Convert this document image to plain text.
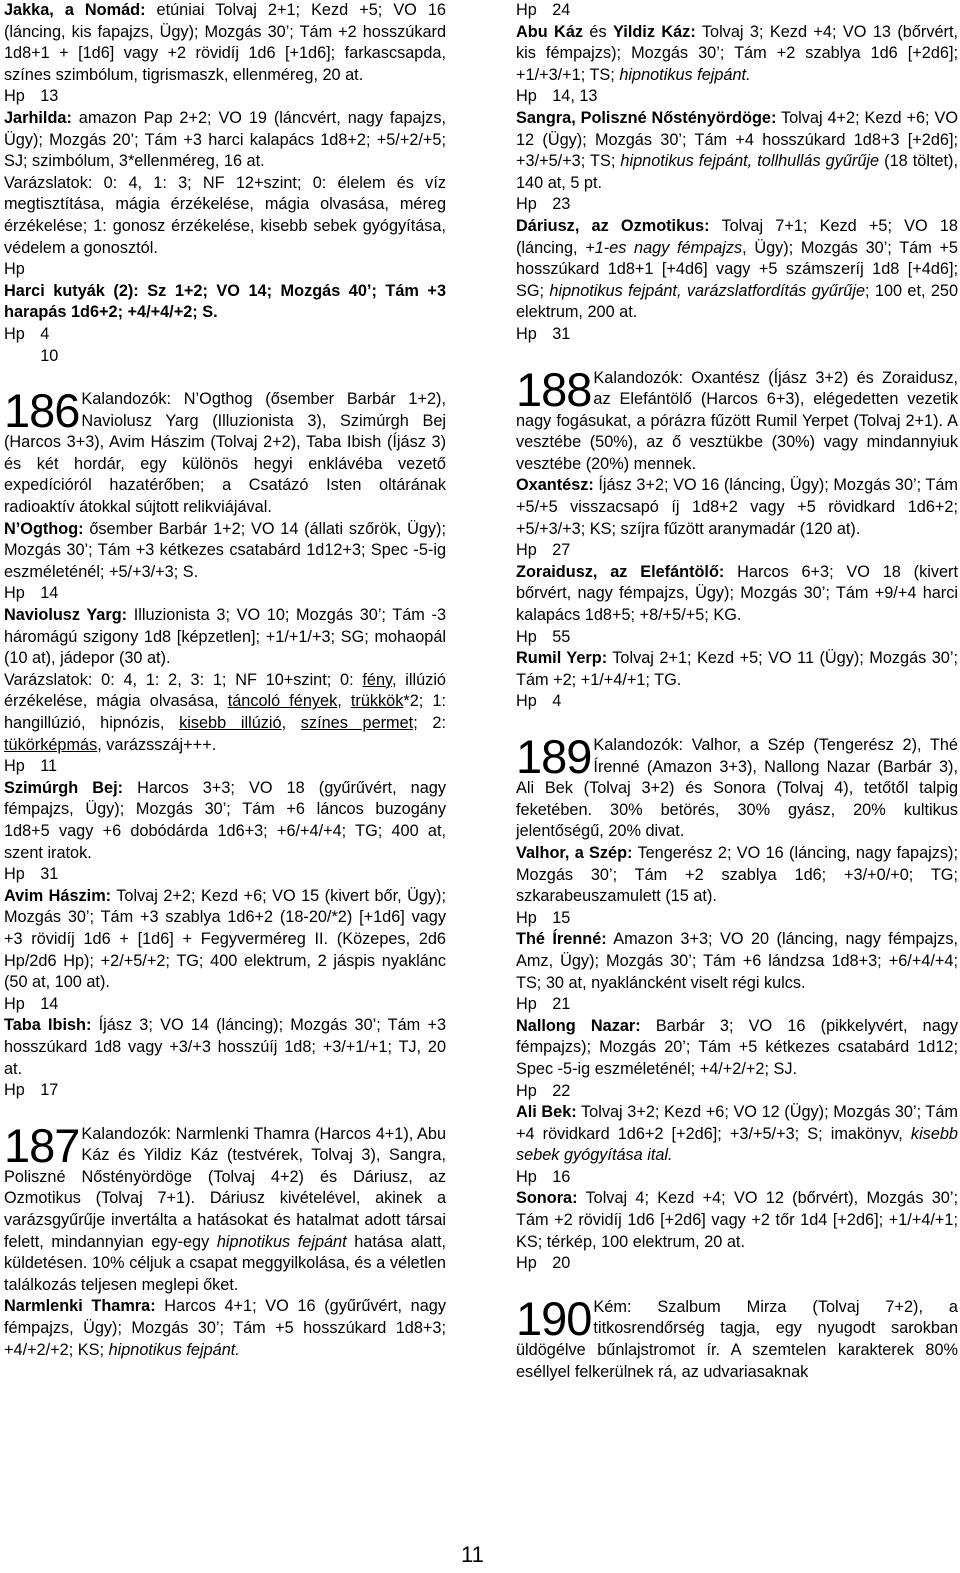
Jakka, a Nomád: etúniai Tolvaj 2+1; Kezd +5; VO 16 (láncing, kis fapajzs, Ügy); Mozgás 30’; Tám +2 hosszúkard 1d8+1 + [1d6] vagy +2 rövidíj 1d6 [+1d6]; farkascsapda, színes szimbólum, tigrismaszk, ellenméreg, 20 at.

Hp	13

Jarhilda: amazon Pap 2+2; VO 19 (láncvért, nagy fapajzs, Ügy); Mozgás 20’; Tám +3 harci kalapács 1d8+2; +5/+2/+5; SJ; szimbólum, 3*ellenméreg, 16 at.

Varázslatok: 0: 4, 1: 3; NF 12+szint; 0: élelem és víz megtisztítása, mágia érzékelése, mágia olvasása, méreg érzékelése; 1: gonosz érzékelése, kisebb sebek gyógyítása, védelem a gonosztól.

Hp

Harci kutyák (2): Sz 1+2; VO 14; Mozgás 40’; Tám +3 harapás 1d6+2; +4/+4/+2; S.

Hp	4

	10

186 Kalandozók: N’Ogthog (ősember Barbár 1+2), Naviolusz Yarg (Illuzionista 3), Szimúrgh Bej (Harcos 3+3), Avim Hászim (Tolvaj 2+2), Taba Ibish (Íjász 3) és két hordár, egy különös hegyi enklávéba vezető expedícióról hazatérőben; a Csatázó Isten oltárának radioaktív átokkal sújtott relikviájával.

N’Ogthog: ősember Barbár 1+2; VO 14 (állati szőrök, Ügy); Mozgás 30’; Tám +3 kétkezes csatabárd 1d12+3; Spec -5-ig eszméleténél; +5/+3/+3; S.

Hp	14

Naviolusz Yarg: Illuzionista 3; VO 10; Mozgás 30’; Tám -3 háromágú szigony 1d8 [képzetlen]; +1/+1/+3; SG; mohaopál (10 at), jádepor (30 at).

Varázslatok: 0: 4, 1: 2, 3: 1; NF 10+szint; 0: fény, illúzió érzékelése, mágia olvasása, táncoló fények, trükkök*2; 1: hangillúzió, hipnózis, kisebb illúzió, színes permet; 2: tükörképmás, varázsszáj+++.

Hp	11

Szimúrgh Bej: Harcos 3+3; VO 18 (gyűrűvért, nagy fémpajzs, Ügy); Mozgás 30’; Tám +6 láncos buzogány 1d8+5 vagy +6 dobódárda 1d6+3; +6/+4/+4; TG; 400 at, szent iratok.

Hp	31

Avim Hászim: Tolvaj 2+2; Kezd +6; VO 15 (kivert bőr, Ügy); Mozgás 30’; Tám +3 szablya 1d6+2 (18-20/*2) [+1d6] vagy +3 rövidíj 1d6 + [1d6] + Fegyverméreg II. (Közepes, 2d6 Hp/2d6 Hp); +2/+5/+2; TG; 400 elektrum, 2 jáspis nyaklánc (50 at, 100 at).

Hp	14

Taba Ibish: Íjász 3; VO 14 (láncing); Mozgás 30’; Tám +3 hosszúkard 1d8 vagy +3/+3 hosszúíj 1d8; +3/+1/+1; TJ, 20 at.

Hp	17

187 Kalandozók: Narmlenki Thamra (Harcos 4+1), Abu Káz és Yildiz Káz (testvérek, Tolvaj 3), Sangra, Poliszné Nőstényördöge (Tolvaj 4+2) és Dáriusz, az Ozmotikus (Tolvaj 7+1). Dáriusz kivételével, akinek a varázsgyűrűje invertálta a hatásokat és hatalmat adott társai felett, mindannyian egy-egy hipnotikus fejpánt hatása alatt, küldetésen. 10% céljuk a csapat meggyilkolása, és a véletlen találkozás teljesen meglepi őket.

Narmlenki Thamra: Harcos 4+1; VO 16 (gyűrűvért, nagy fémpajzs, Ügy); Mozgás 30’; Tám +5 hosszúkard 1d8+3; +4/+2/+2; KS; hipnotikus fejpánt.

Hp	24

Abu Káz és Yildiz Káz: Tolvaj 3; Kezd +4; VO 13 (bőrvért, kis fémpajzs); Mozgás 30’; Tám +2 szablya 1d6 [+2d6]; +1/+3/+1; TS; hipnotikus fejpánt.

Hp	14, 13

Sangra, Poliszné Nőstényördöge: Tolvaj 4+2; Kezd +6; VO 12 (Ügy); Mozgás 30’; Tám +4 hosszúkard 1d8+3 [+2d6]; +3/+5/+3; TS; hipnotikus fejpánt, tollhullás gyűrűje (18 töltet), 140 at, 5 pt.

Hp	23

Dáriusz, az Ozmotikus: Tolvaj 7+1; Kezd +5; VO 18 (láncing, +1-es nagy fémpajzs, Ügy); Mozgás 30’; Tám +5 hosszúkard 1d8+1 [+4d6] vagy +5 számszeríj 1d8 [+4d6]; SG; hipnotikus fejpánt, varázslatfordítás gyűrűje; 100 et, 250 elektrum, 200 at.

Hp	31

188 Kalandozók: Oxantész (Íjász 3+2) és Zoraidusz, az Elefántölő (Harcos 6+3), elégedetten vezetik nagy fogásukat, a pórázra fűzött Rumil Yerpet (Tolvaj 2+1). A vesztébe (50%), az ő vesztükbe (30%) vagy mindannyiuk vesztébe (20%) mennek.

Oxantész: Íjász 3+2; VO 16 (láncing, Ügy); Mozgás 30’; Tám +5/+5 visszacsapó íj 1d8+2 vagy +5 rövidkard 1d6+2; +5/+3/+3; KS; szíjra fűzött aranymadár (120 at).

Hp	27

Zoraidusz, az Elefántölő: Harcos 6+3; VO 18 (kivert bőrvért, nagy fémpajzs, Ügy); Mozgás 30’; Tám +9/+4 harci kalapács 1d8+5; +8/+5/+5; KG.

Hp	55

Rumil Yerp: Tolvaj 2+1; Kezd +5; VO 11 (Ügy); Mozgás 30’; Tám +2; +1/+4/+1; TG.

Hp	4

189 Kalandozók: Valhor, a Szép (Tengerész 2), Thé Írenné (Amazon 3+3), Nallong Nazar (Barbár 3), Ali Bek (Tolvaj 3+2) és Sonora (Tolvaj 4), tetőtől talpig feketében. 30% betörés, 30% gyász, 20% kultikus jelentőségű, 20% divat.

Valhor, a Szép: Tengerész 2; VO 16 (láncing, nagy fapajzs); Mozgás 30’; Tám +2 szablya 1d6; +3/+0/+0; TG; szkarabeuszamulett (15 at).

Hp	15

Thé Írenné: Amazon 3+3; VO 20 (láncing, nagy fémpajzs, Amz, Ügy); Mozgás 30’; Tám +6 lándzsa 1d8+3; +6/+4/+4; TS; 30 at, nyakláncként viselt régi kulcs.

Hp	21

Nallong Nazar: Barbár 3; VO 16 (pikkelyvért, nagy fémpajzs); Mozgás 20’; Tám +5 kétkezes csatabárd 1d12; Spec -5-ig eszméleténél; +4/+2/+2; SJ.

Hp	22

Ali Bek: Tolvaj 3+2; Kezd +6; VO 12 (Ügy); Mozgás 30’; Tám +4 rövidkard 1d6+2 [+2d6]; +3/+5/+3; S; imakönyv, kisebb sebek gyógyítása ital.

Hp	16

Sonora: Tolvaj 4; Kezd +4; VO 12 (bőrvért), Mozgás 30’; Tám +2 rövidíj 1d6 [+2d6] vagy +2 tőr 1d4 [+2d6]; +1/+4/+1; KS; térkép, 100 elektrum, 20 at.

Hp	20

190 Kém: Szalbum Mirza (Tolvaj 7+2), a titkosrendőrség tagja, egy nyugodt sarokban üldögélve bűnlajstromot ír. A szemtelen karakterek 80% eséllyel felkerülnek rá, az udvariasaknak

11
